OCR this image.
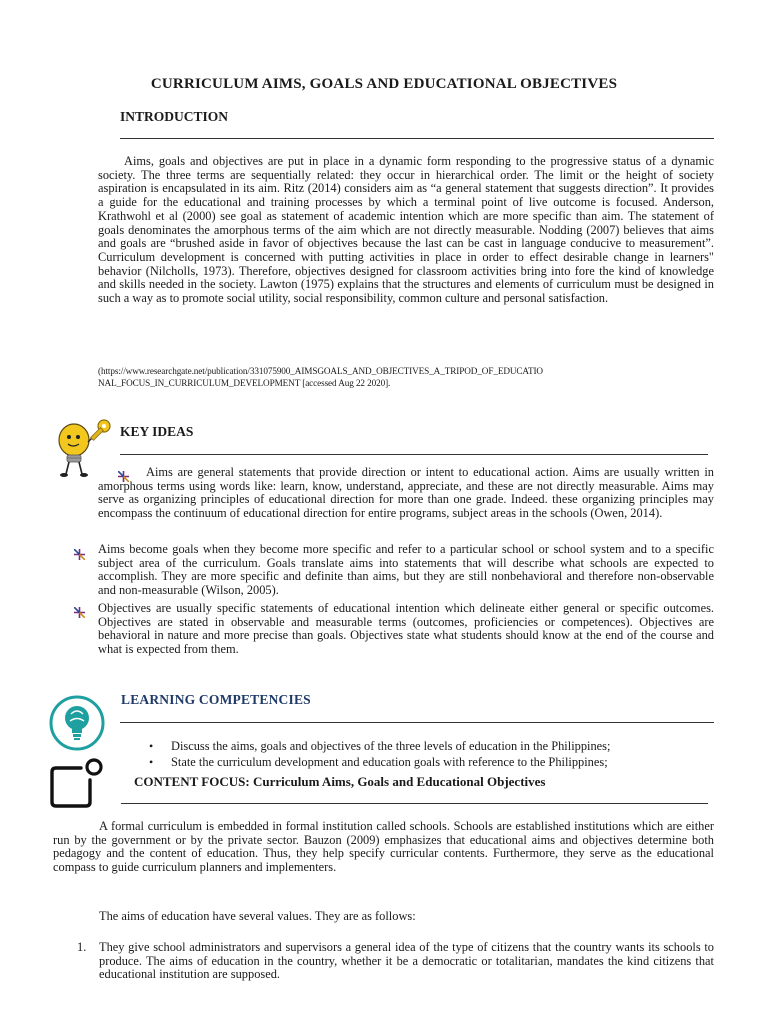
CURRICULUM AIMS, GOALS AND EDUCATIONAL OBJECTIVES
INTRODUCTION
Aims, goals and objectives are put in place in a dynamic form responding to the progressive status of a dynamic society. The three terms are sequentially related: they occur in hierarchical order. The limit or the height of society aspiration is encapsulated in its aim. Ritz (2014) considers aim as “a general statement that suggests direction”. It provides a guide for the educational and training processes by which a terminal point of live outcome is focused. Anderson, Krathwohl et al (2000) see goal as statement of academic intention which are more specific than aim. The statement of goals denominates the amorphous terms of the aim which are not directly measurable. Nodding (2007) believes that aims and goals are “brushed aside in favor of objectives because the last can be cast in language conducive to measurement”. Curriculum development is concerned with putting activities in place in order to effect desirable change in learners" behavior (Nilcholls, 1973). Therefore, objectives designed for classroom activities bring into fore the kind of knowledge and skills needed in the society. Lawton (1975) explains that the structures and elements of curriculum must be designed in such a way as to promote social utility, social responsibility, common culture and personal satisfaction.
(https://www.researchgate.net/publication/331075900_AIMSGOALS_AND_OBJECTIVES_A_TRIPOD_OF_EDUCATIO
NAL_FOCUS_IN_CURRICULUM_DEVELOPMENT [accessed Aug 22 2020].
KEY IDEAS
Aims are general statements that provide direction or intent to educational action. Aims are usually written in amorphous terms using words like: learn, know, understand, appreciate, and these are not directly measurable. Aims may serve as organizing principles of educational direction for more than one grade. Indeed. these organizing principles may encompass the continuum of educational direction for entire programs, subject areas in the schools (Owen, 2014).
Aims become goals when they become more specific and refer to a particular school or school system and to a specific subject area of the curriculum. Goals translate aims into statements that will describe what schools are expected to accomplish. They are more specific and definite than aims, but they are still nonbehavioral and therefore non-observable and non-measurable (Wilson, 2005).
Objectives are usually specific statements of educational intention which delineate either general or specific outcomes. Objectives are stated in observable and measurable terms (outcomes, proficiencies or competences). Objectives are behavioral in nature and more precise than goals. Objectives state what students should know at the end of the course and what is expected from them.
LEARNING COMPETENCIES
• Discuss the aims, goals and objectives of the three levels of education in the Philippines;
• State the curriculum development and education goals with reference to the Philippines;
CONTENT FOCUS: Curriculum Aims, Goals and Educational Objectives
A formal curriculum is embedded in formal institution called schools. Schools are established institutions which are either run by the government or by the private sector. Bauzon (2009) emphasizes that educational aims and objectives determine both pedagogy and the content of education. Thus, they help specify curricular contents. Furthermore, they serve as the educational compass to guide curriculum planners and implementers.
The aims of education have several values. They are as follows:
1. They give school administrators and supervisors a general idea of the type of citizens that the country wants its schools to produce. The aims of education in the country, whether it be a democratic or totalitarian, mandates the kind citizens that educational institution are supposed.
